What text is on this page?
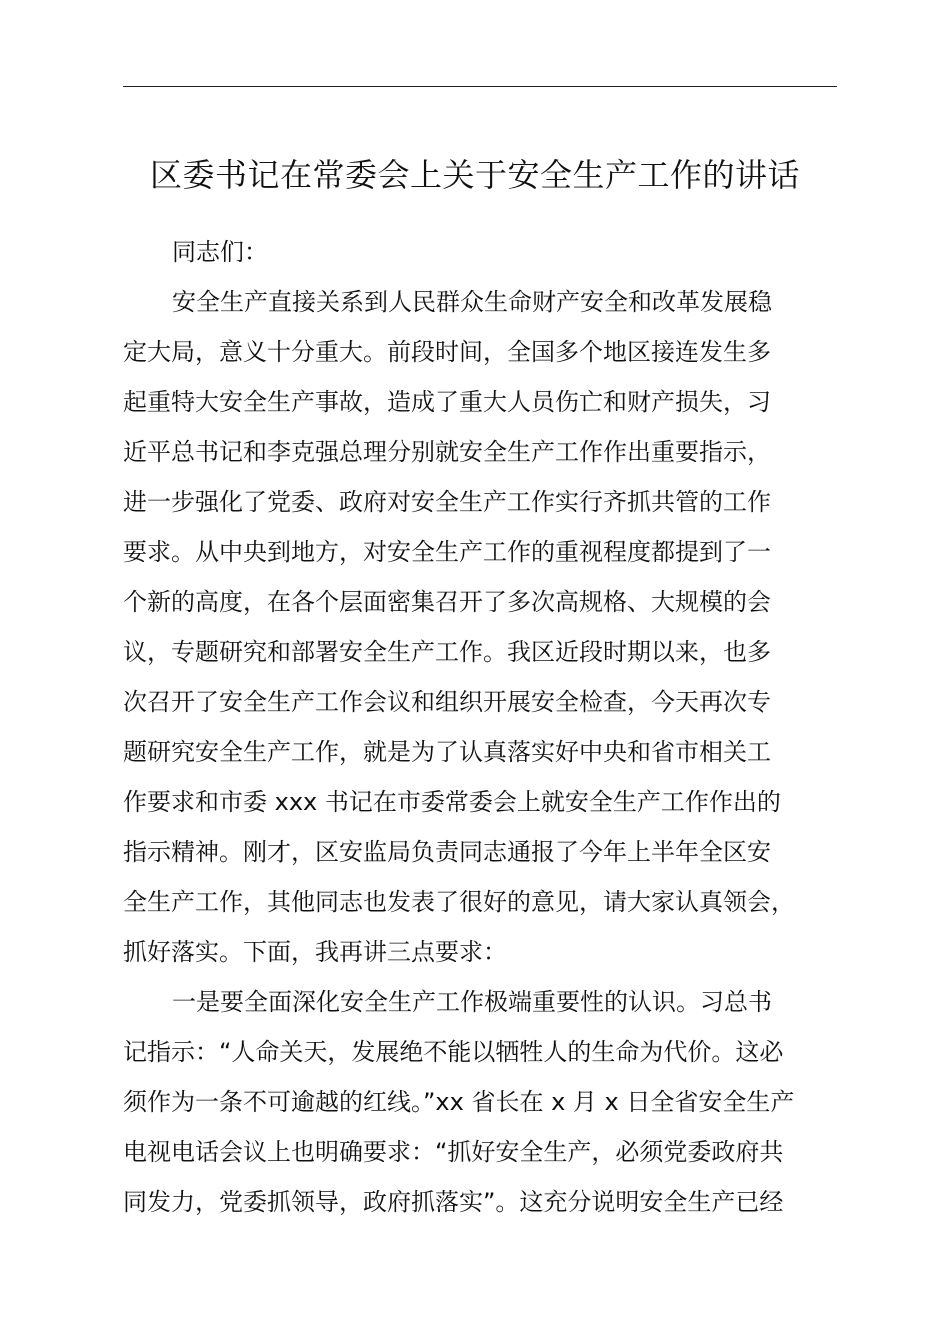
区委书记在常委会上关于安全生产工作的讲话

同志们：

安全生产直接关系到人民群众生命财产安全和改革发展稳

定大局，意义十分重大。前段时间，全国多个地区接连发生多

起重特大安全生产事故，造成了重大人员伤亡和财产损失，习

近平总书记和李克强总理分别就安全生产工作作出重要指示，

进一步强化了党委、政府对安全生产工作实行齐抓共管的工作

要求。从中央到地方，对安全生产工作的重视程度都提到了一

个新的高度，在各个层面密集召开了多次高规格、大规模的会

议，专题研究和部署安全生产工作。我区近段时期以来，也多

次召开了安全生产工作会议和组织开展安全检查，今天再次专

题研究安全生产工作，就是为了认真落实好中央和省市相关工

作要求和市委 xxx 书记在市委常委会上就安全生产工作作出的

指示精神。刚才，区安监局负责同志通报了今年上半年全区安

全生产工作，其他同志也发表了很好的意见，请大家认真领会，

抓好落实。下面，我再讲三点要求：

一是要全面深化安全生产工作极端重要性的认识。习总书

记指示：“人命关天，发展绝不能以牺牲人的生命为代价。这必

须作为一条不可逾越的红线。”xx 省长在 x 月 x 日全省安全生产

电视电话会议上也明确要求：“抓好安全生产，必须党委政府共

同发力，党委抓领导，政府抓落实”。这充分说明安全生产已经
